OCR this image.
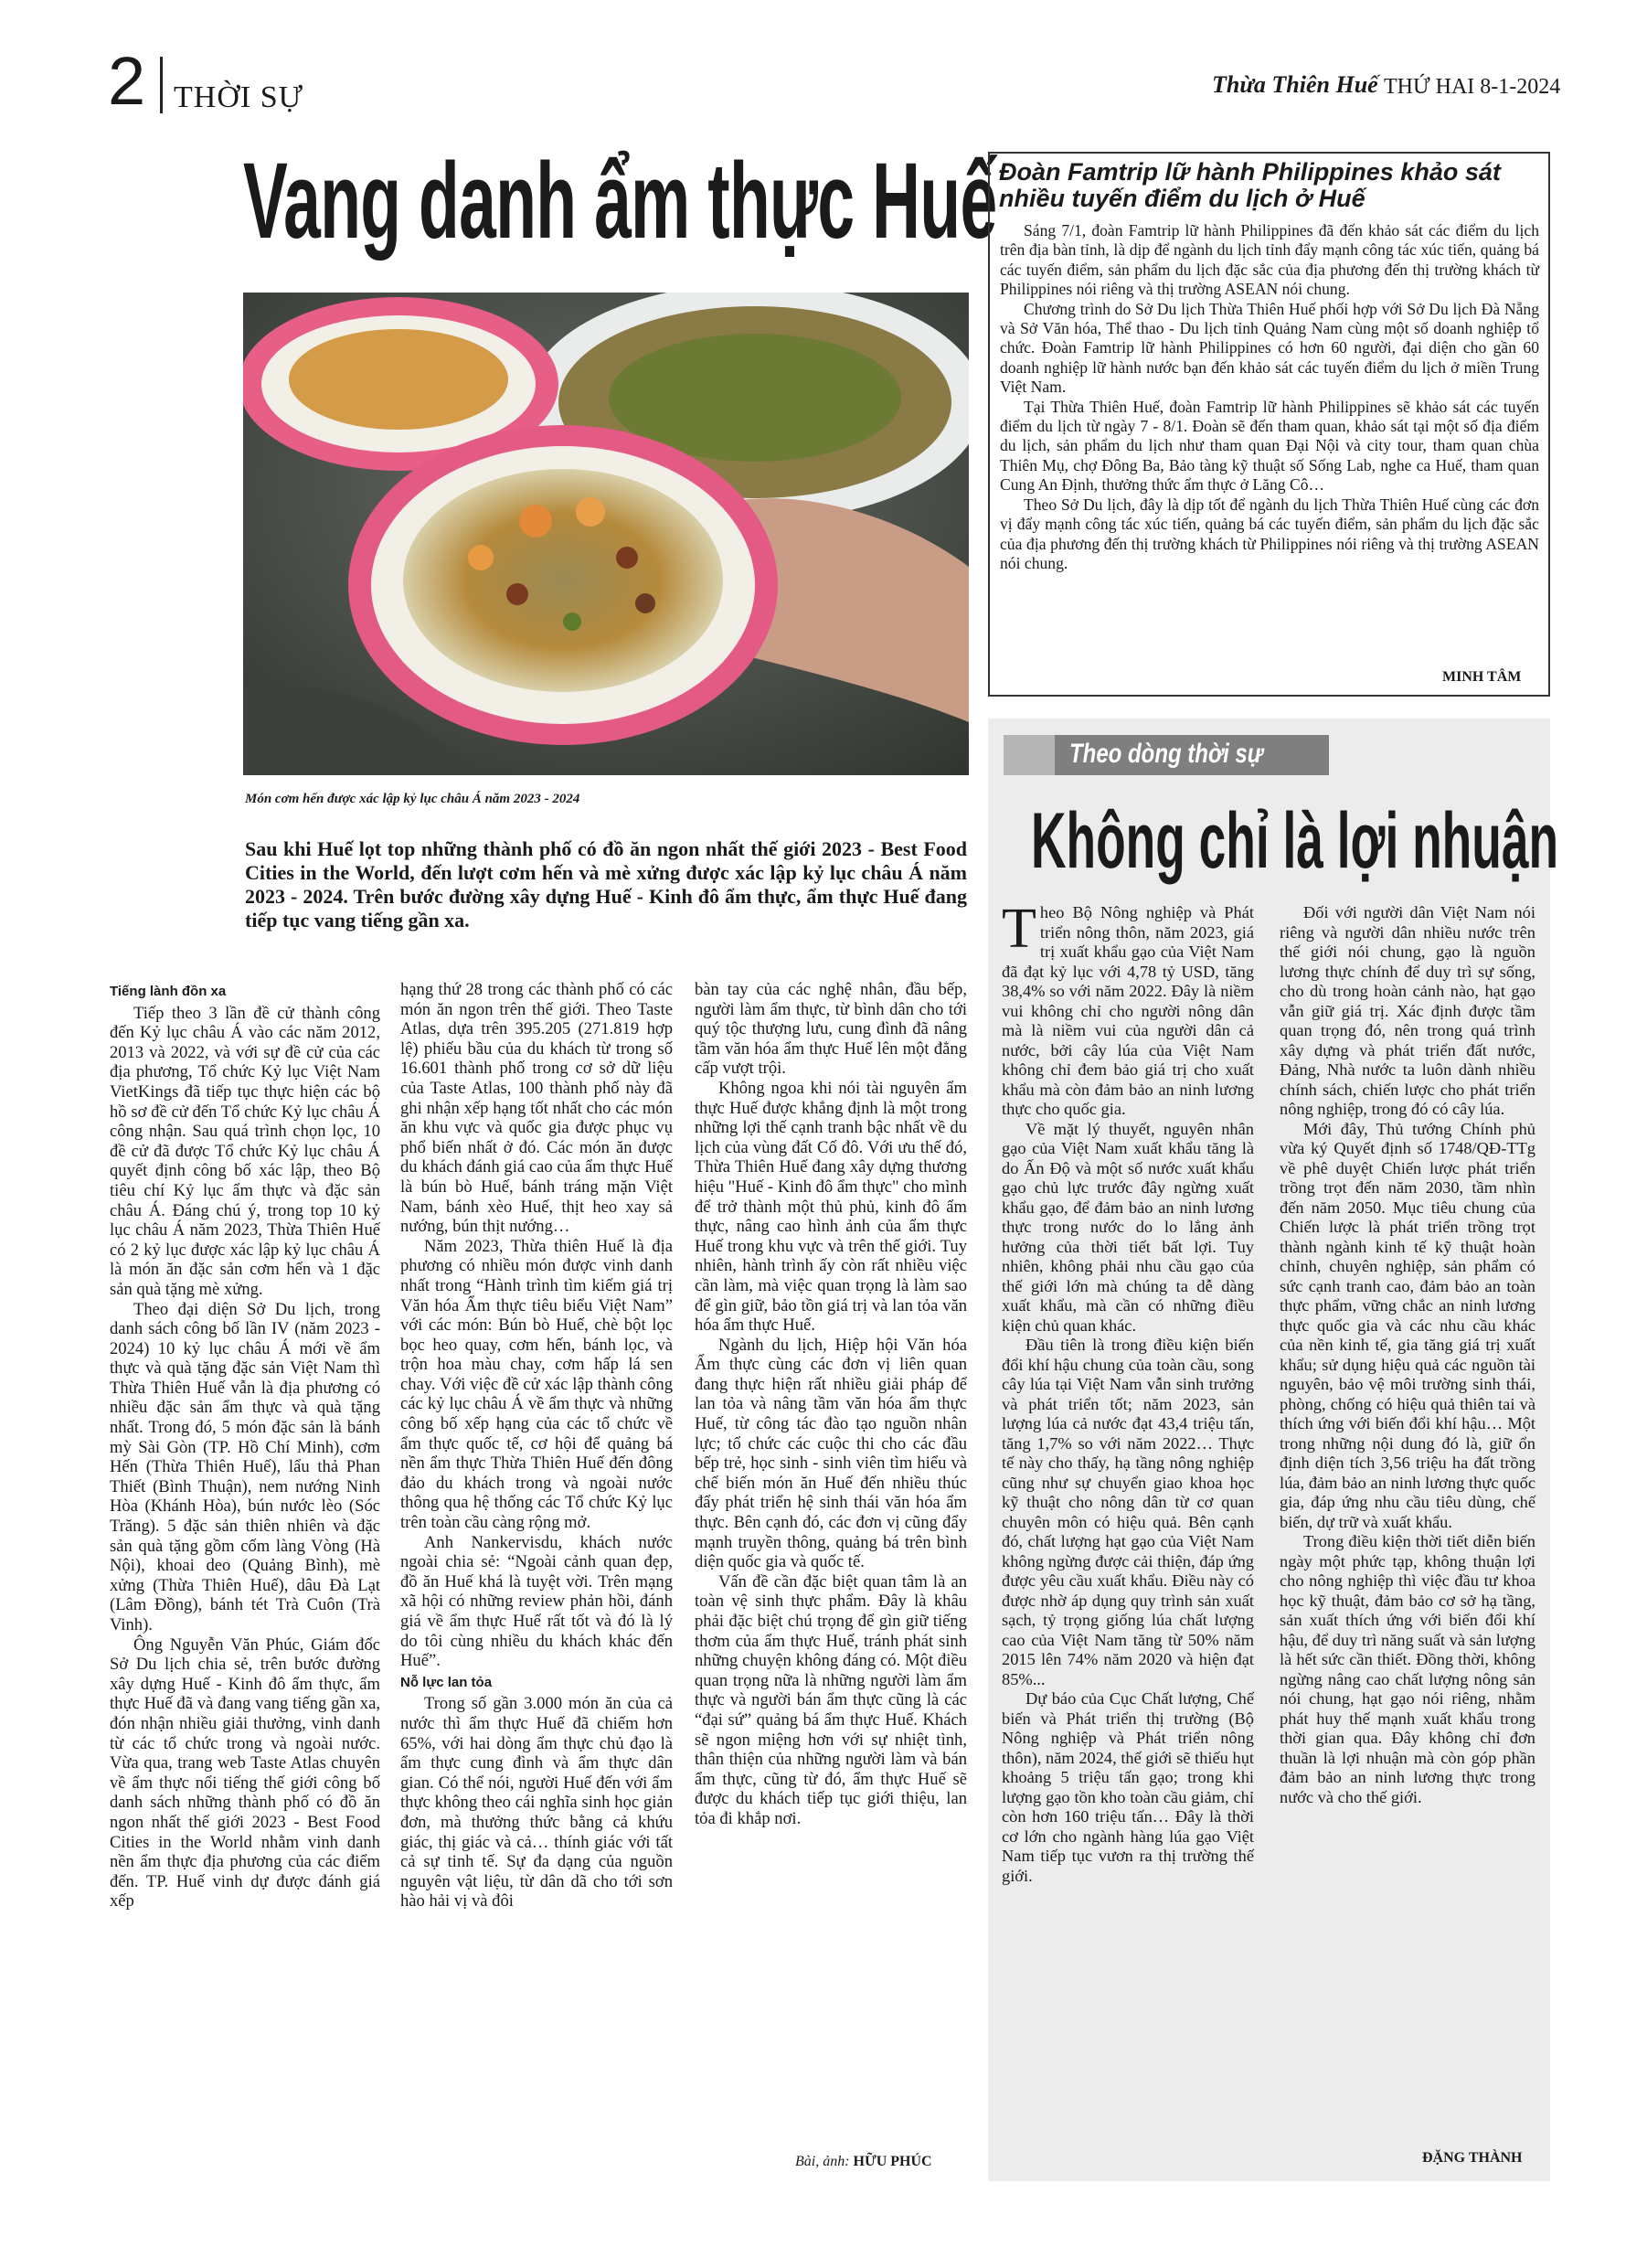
2 THỜI SỰ	Thừa Thiên Huế THỨ HAI 8-1-2024
Vang danh ẩm thực Huế
Món cơm hến được xác lập kỷ lục châu Á năm 2023 - 2024
Sau khi Huế lọt top những thành phố có đồ ăn ngon nhất thế giới 2023 - Best Food Cities in the World, đến lượt cơm hến và mè xửng được xác lập kỷ lục châu Á năm 2023 - 2024. Trên bước đường xây dựng Huế - Kinh đô ẩm thực, ẩm thực Huế đang tiếp tục vang tiếng gần xa.

Tiếng lành đồn xa

Tiếp theo 3 lần đề cử thành công đến Kỷ lục châu Á vào các năm 2012, 2013 và 2022, và với sự đề cử của các địa phương, Tổ chức Kỷ lục Việt Nam VietKings đã tiếp tục thực hiện các bộ hồ sơ đề cử đến Tổ chức Kỷ lục châu Á công nhận. Sau quá trình chọn lọc, 10 đề cử đã được Tổ chức Kỷ lục châu Á quyết định công bố xác lập, theo Bộ tiêu chí Kỷ lục ẩm thực và đặc sản châu Á. Đáng chú ý, trong top 10 kỷ lục châu Á năm 2023, Thừa Thiên Huế có 2 kỷ lục được xác lập kỷ lục châu Á là món ăn đặc sản cơm hến và 1 đặc sản quà tặng mè xửng.

Theo đại diện Sở Du lịch, trong danh sách công bố lần IV (năm 2023 - 2024) 10 kỷ lục châu Á mới về ẩm thực và quà tặng đặc sản Việt Nam thì Thừa Thiên Huế vẫn là địa phương có nhiều đặc sản ẩm thực và quà tặng nhất. Trong đó, 5 món đặc sản là bánh mỳ Sài Gòn (TP. Hồ Chí Minh), cơm Hến (Thừa Thiên Huế), lẩu thả Phan Thiết (Bình Thuận), nem nướng Ninh Hòa (Khánh Hòa), bún nước lèo (Sóc Trăng). 5 đặc sản thiên nhiên và đặc sản quà tặng gồm cốm làng Vòng (Hà Nội), khoai deo (Quảng Bình), mè xửng (Thừa Thiên Huế), dâu Đà Lạt (Lâm Đồng), bánh tét Trà Cuôn (Trà Vinh).

Ông Nguyễn Văn Phúc, Giám đốc Sở Du lịch chia sẻ, trên bước đường xây dựng Huế - Kinh đô ẩm thực, ẩm thực Huế đã và đang vang tiếng gần xa, đón nhận nhiều giải thưởng, vinh danh từ các tổ chức trong và ngoài nước. Vừa qua, trang web Taste Atlas chuyên về ẩm thực nổi tiếng thế giới công bố danh sách những thành phố có đồ ăn ngon nhất thế giới 2023 - Best Food Cities in the World nhằm vinh danh nền ẩm thực địa phương của các điểm đến. TP. Huế vinh dự được đánh giá xếp

hạng thứ 28 trong các thành phố có các món ăn ngon trên thế giới. Theo Taste Atlas, dựa trên 395.205 (271.819 hợp lệ) phiếu bầu của du khách từ trong số 16.601 thành phố trong cơ sở dữ liệu của Taste Atlas, 100 thành phố này đã ghi nhận xếp hạng tốt nhất cho các món ăn khu vực và quốc gia được phục vụ phổ biến nhất ở đó. Các món ăn được du khách đánh giá cao của ẩm thực Huế là bún bò Huế, bánh tráng mặn Việt Nam, bánh xèo Huế, thịt heo xay sả nướng, bún thịt nướng…

Năm 2023, Thừa thiên Huế là địa phương có nhiều món được vinh danh nhất trong “Hành trình tìm kiếm giá trị Văn hóa Ẩm thực tiêu biểu Việt Nam” với các món: Bún bò Huế, chè bột lọc bọc heo quay, cơm hến, bánh lọc, và trộn hoa màu chay, cơm hấp lá sen chay. Với việc đề cử xác lập thành công các kỷ lục châu Á về ẩm thực và những công bố xếp hạng của các tổ chức về ẩm thực quốc tế, cơ hội để quảng bá nền ẩm thực Thừa Thiên Huế đến đông đảo du khách trong và ngoài nước thông qua hệ thống các Tổ chức Kỷ lục trên toàn cầu càng rộng mở.

Anh Nankervisdu, khách nước ngoài chia sẻ: “Ngoài cảnh quan đẹp, đồ ăn Huế khá là tuyệt vời. Trên mạng xã hội có những review phản hồi, đánh giá về ẩm thực Huế rất tốt và đó là lý do tôi cùng nhiều du khách khác đến Huế”.

Nỗ lực lan tỏa

Trong số gần 3.000 món ăn của cả nước thì ẩm thực Huế đã chiếm hơn 65%, với hai dòng ẩm thực chủ đạo là ẩm thực cung đình và ẩm thực dân gian. Có thể nói, người Huế đến với ẩm thực không theo cái nghĩa sinh học giản đơn, mà thưởng thức bằng cả khứu giác, thị giác và cả… thính giác với tất cả sự tinh tế. Sự đa dạng của nguồn nguyên vật liệu, từ dân dã cho tới sơn hào hải vị và đôi

bàn tay của các nghệ nhân, đầu bếp, người làm ẩm thực, từ bình dân cho tới quý tộc thượng lưu, cung đình đã nâng tầm văn hóa ẩm thực Huế lên một đẳng cấp vượt trội.

Không ngoa khi nói tài nguyên ẩm thực Huế được khẳng định là một trong những lợi thế cạnh tranh bậc nhất về du lịch của vùng đất Cố đô. Với ưu thế đó, Thừa Thiên Huế đang xây dựng thương hiệu "Huế - Kinh đô ẩm thực" cho mình để trở thành một thủ phủ, kinh đô ẩm thực, nâng cao hình ảnh của ẩm thực Huế trong khu vực và trên thế giới. Tuy nhiên, hành trình ấy còn rất nhiều việc cần làm, mà việc quan trọng là làm sao để gìn giữ, bảo tồn giá trị và lan tỏa văn hóa ẩm thực Huế.

Ngành du lịch, Hiệp hội Văn hóa Ẩm thực cùng các đơn vị liên quan đang thực hiện rất nhiều giải pháp để lan tỏa và nâng tầm văn hóa ẩm thực Huế, từ công tác đào tạo nguồn nhân lực; tổ chức các cuộc thi cho các đầu bếp trẻ, học sinh - sinh viên tìm hiểu và chế biến món ăn Huế đến nhiều thúc đẩy phát triển hệ sinh thái văn hóa ẩm thực. Bên cạnh đó, các đơn vị cũng đẩy mạnh truyền thông, quảng bá trên bình diện quốc gia và quốc tế.

Vấn đề cần đặc biệt quan tâm là an toàn vệ sinh thực phẩm. Đây là khâu phải đặc biệt chú trọng để gìn giữ tiếng thơm của ẩm thực Huế, tránh phát sinh những chuyện không đáng có. Một điều quan trọng nữa là những người làm ẩm thực và người bán ẩm thực cũng là các “đại sứ” quảng bá ẩm thực Huế. Khách sẽ ngon miệng hơn với sự nhiệt tình, thân thiện của những người làm và bán ẩm thực, cũng từ đó, ẩm thực Huế sẽ được du khách tiếp tục giới thiệu, lan tỏa đi khắp nơi.

Bài, ảnh: HỮU PHÚC
Đoàn Famtrip lữ hành Philippines khảo sát nhiều tuyến điểm du lịch ở Huế

Sáng 7/1, đoàn Famtrip lữ hành Philippines đã đến khảo sát các điểm du lịch trên địa bàn tỉnh, là dịp để ngành du lịch tỉnh đẩy mạnh công tác xúc tiến, quảng bá các tuyến điểm, sản phẩm du lịch đặc sắc của địa phương đến thị trường khách từ Philippines nói riêng và thị trường ASEAN nói chung.

Chương trình do Sở Du lịch Thừa Thiên Huế phối hợp với Sở Du lịch Đà Nẵng và Sở Văn hóa, Thể thao - Du lịch tỉnh Quảng Nam cùng một số doanh nghiệp tổ chức. Đoàn Famtrip lữ hành Philippines có hơn 60 người, đại diện cho gần 60 doanh nghiệp lữ hành nước bạn đến khảo sát các tuyến điểm du lịch ở miền Trung Việt Nam.

Tại Thừa Thiên Huế, đoàn Famtrip lữ hành Philippines sẽ khảo sát các tuyến điểm du lịch từ ngày 7 - 8/1. Đoàn sẽ đến tham quan, khảo sát tại một số địa điểm du lịch, sản phẩm du lịch như tham quan Đại Nội và city tour, tham quan chùa Thiên Mụ, chợ Đông Ba, Bảo tàng kỹ thuật số Sống Lab, nghe ca Huế, tham quan Cung An Định, thưởng thức ẩm thực ở Lăng Cô…

Theo Sở Du lịch, đây là dịp tốt để ngành du lịch Thừa Thiên Huế cùng các đơn vị đẩy mạnh công tác xúc tiến, quảng bá các tuyến điểm, sản phẩm du lịch đặc sắc của địa phương đến thị trường khách từ Philippines nói riêng và thị trường ASEAN nói chung.

MINH TÂM
Theo dòng thời sự
Không chỉ là lợi nhuận

Theo Bộ Nông nghiệp và Phát triển nông thôn, năm 2023, giá trị xuất khẩu gạo của Việt Nam đã đạt kỷ lục với 4,78 tỷ USD, tăng 38,4% so với năm 2022. Đây là niềm vui không chỉ cho người nông dân mà là niềm vui của người dân cả nước, bởi cây lúa của Việt Nam không chỉ đem bảo giá trị cho xuất khẩu mà còn đảm bảo an ninh lương thực cho quốc gia.

Về mặt lý thuyết, nguyên nhân gạo của Việt Nam xuất khẩu tăng là do Ấn Độ và một số nước xuất khẩu gạo chủ lực trước đây ngừng xuất khẩu gạo, để đảm bảo an ninh lương thực trong nước do lo lắng ảnh hưởng của thời tiết bất lợi. Tuy nhiên, không phải nhu cầu gạo của thế giới lớn mà chúng ta dễ dàng xuất khẩu, mà cần có những điều kiện chủ quan khác.

Đầu tiên là trong điều kiện biến đổi khí hậu chung của toàn cầu, song cây lúa tại Việt Nam vẫn sinh trưởng và phát triển tốt; năm 2023, sản lượng lúa cả nước đạt 43,4 triệu tấn, tăng 1,7% so với năm 2022… Thực tế này cho thấy, hạ tầng nông nghiệp cũng như sự chuyển giao khoa học kỹ thuật cho nông dân từ cơ quan chuyên môn có hiệu quả. Bên cạnh đó, chất lượng hạt gạo của Việt Nam không ngừng được cải thiện, đáp ứng được yêu cầu xuất khẩu. Điều này có được nhờ áp dụng quy trình sản xuất sạch, tỷ trọng giống lúa chất lượng cao của Việt Nam tăng từ 50% năm 2015 lên 74% năm 2020 và hiện đạt 85%...

Dự báo của Cục Chất lượng, Chế biến và Phát triển thị trường (Bộ Nông nghiệp và Phát triển nông thôn), năm 2024, thế giới sẽ thiếu hụt khoảng 5 triệu tấn gạo; trong khi lượng gạo tồn kho toàn cầu giảm, chỉ còn hơn 160 triệu tấn… Đây là thời cơ lớn cho ngành hàng lúa gạo Việt Nam tiếp tục vươn ra thị trường thế giới.

Đối với người dân Việt Nam nói riêng và người dân nhiều nước trên thế giới nói chung, gạo là nguồn lương thực chính để duy trì sự sống, cho dù trong hoàn cảnh nào, hạt gạo vẫn giữ giá trị. Xác định được tầm quan trọng đó, nên trong quá trình xây dựng và phát triển đất nước, Đảng, Nhà nước ta luôn dành nhiều chính sách, chiến lược cho phát triển nông nghiệp, trong đó có cây lúa.

Mới đây, Thủ tướng Chính phủ vừa ký Quyết định số 1748/QĐ-TTg về phê duyệt Chiến lược phát triển trồng trọt đến năm 2030, tầm nhìn đến năm 2050. Mục tiêu chung của Chiến lược là phát triển trồng trọt thành ngành kinh tế kỹ thuật hoàn chỉnh, chuyên nghiệp, sản phẩm có sức cạnh tranh cao, đảm bảo an toàn thực phẩm, vững chắc an ninh lương thực quốc gia và các nhu cầu khác của nền kinh tế, gia tăng giá trị xuất khẩu; sử dụng hiệu quả các nguồn tài nguyên, bảo vệ môi trường sinh thái, phòng, chống có hiệu quả thiên tai và thích ứng với biến đổi khí hậu… Một trong những nội dung đó là, giữ ổn định diện tích 3,56 triệu ha đất trồng lúa, đảm bảo an ninh lương thực quốc gia, đáp ứng nhu cầu tiêu dùng, chế biến, dự trữ và xuất khẩu.

Trong điều kiện thời tiết diễn biến ngày một phức tạp, không thuận lợi cho nông nghiệp thì việc đầu tư khoa học kỹ thuật, đảm bảo cơ sở hạ tầng, sản xuất thích ứng với biến đổi khí hậu, để duy trì năng suất và sản lượng là hết sức cần thiết. Đồng thời, không ngừng nâng cao chất lượng nông sản nói chung, hạt gạo nói riêng, nhằm phát huy thế mạnh xuất khẩu trong thời gian qua. Đây không chỉ đơn thuần là lợi nhuận mà còn góp phần đảm bảo an ninh lương thực trong nước và cho thế giới.

ĐẶNG THÀNH
